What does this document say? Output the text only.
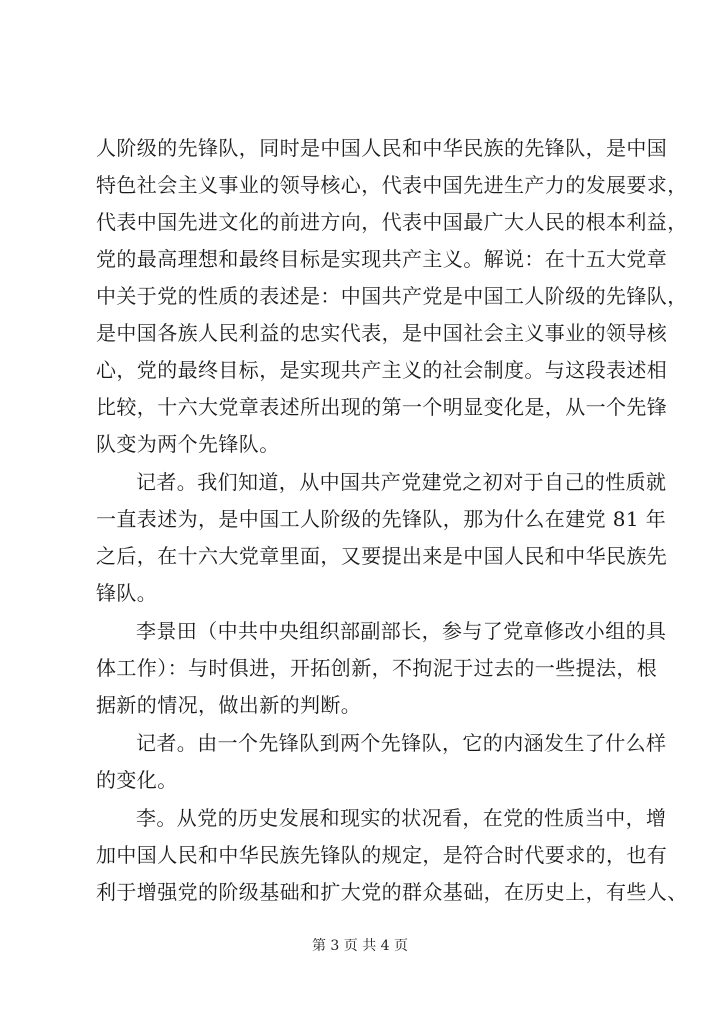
人阶级的先锋队，同时是中国人民和中华民族的先锋队，是中国
特色社会主义事业的领导核心，代表中国先进生产力的发展要求，
代表中国先进文化的前进方向，代表中国最广大人民的根本利益，
党的最高理想和最终目标是实现共产主义。解说：在十五大党章
中关于党的性质的表述是：中国共产党是中国工人阶级的先锋队，
是中国各族人民利益的忠实代表，是中国社会主义事业的领导核
心，党的最终目标，是实现共产主义的社会制度。与这段表述相
比较，十六大党章表述所出现的第一个明显变化是，从一个先锋
队变为两个先锋队。
记者。我们知道，从中国共产党建党之初对于自己的性质就
一直表述为，是中国工人阶级的先锋队，那为什么在建党 81 年
之后，在十六大党章里面，又要提出来是中国人民和中华民族先
锋队。
李景田（中共中央组织部副部长，参与了党章修改小组的具
体工作）：与时俱进，开拓创新，不拘泥于过去的一些提法，根
据新的情况，做出新的判断。
记者。由一个先锋队到两个先锋队，它的内涵发生了什么样
的变化。
李。从党的历史发展和现实的状况看，在党的性质当中，增
加中国人民和中华民族先锋队的规定，是符合时代要求的，也有
利于增强党的阶级基础和扩大党的群众基础，在历史上，有些人、
第 3 页 共 4 页
